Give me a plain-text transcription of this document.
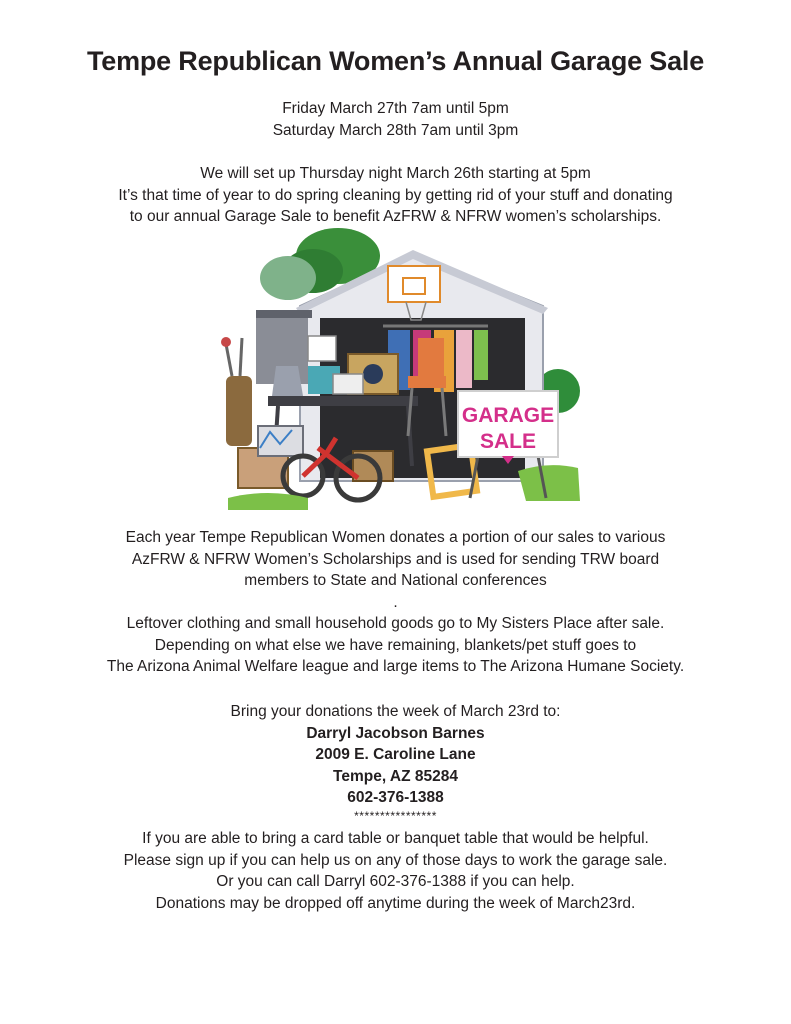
Tempe Republican Women’s Annual Garage Sale
Friday March 27th 7am until 5pm
Saturday March 28th 7am until 3pm
We will set up Thursday night March 26th starting at 5pm
It’s that time of year to do spring cleaning by getting rid of your stuff and donating
to our annual Garage Sale to benefit AzFRW & NFRW women’s scholarships.
GARAGE
SALE
Each year Tempe Republican Women donates a portion of our sales to various
AzFRW & NFRW Women’s Scholarships and is used for sending TRW board
members to State and National conferences
.
Leftover clothing and small household goods go to My Sisters Place after sale.
Depending on what else we have remaining, blankets/pet stuff goes to
The Arizona Animal Welfare league and large items to The Arizona Humane Society.
Bring your donations the week of March 23rd to:
Darryl Jacobson Barnes
2009 E. Caroline Lane
Tempe, AZ 85284
602-376-1388
****************
If you are able to bring a card table or banquet table that would be helpful.
Please sign up if you can help us on any of those days to work the garage sale.
Or you can call Darryl 602-376-1388 if you can help.
Donations may be dropped off anytime during the week of March23rd.
